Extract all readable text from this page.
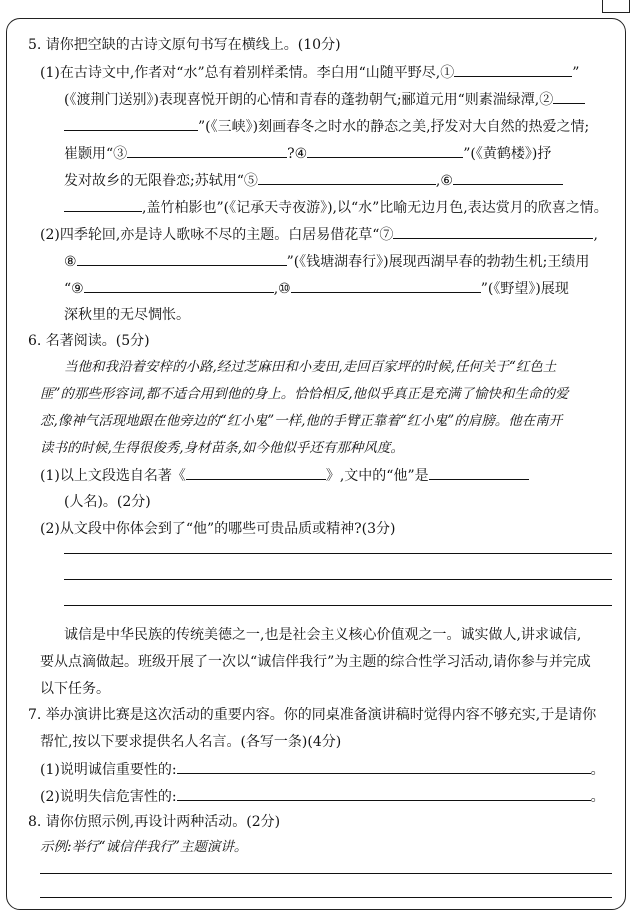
5. 请你把空缺的古诗文原句书写在横线上。(10分)
(1)在古诗文中,作者对“水”总有着别样柔情。李白用“山随平野尽,①	”
(《渡荆门送别》)表现喜悦开朗的心情和青春的蓬勃朝气;郦道元用“则素湍绿潭,②
”(《三峡》)刻画春冬之时水的静态之美,抒发对大自然的热爱之情;
崔颢用“③	?④	”(《黄鹤楼》)抒
发对故乡的无限眷恋;苏轼用“⑤	,⑥
,盖竹柏影也”(《记承天寺夜游》),以“水”比喻无边月色,表达赏月的欣喜之情。
(2)四季轮回,亦是诗人歌咏不尽的主题。白居易借花草“⑦	,
⑧	”(《钱塘湖春行》)展现西湖早春的勃勃生机;王绩用
“⑨	,⑩	”(《野望》)展现
深秋里的无尽惆怅。
6. 名著阅读。(5分)
当他和我沿着安梓的小路,经过芝麻田和小麦田,走回百家坪的时候,任何关于“红色土
匪”的那些形容词,都不适合用到他的身上。恰恰相反,他似乎真正是充满了愉快和生命的爱
恋,像神气活现地跟在他旁边的“红小鬼”一样,他的手臂正靠着“红小鬼”的肩膀。他在南开
读书的时候,生得很俊秀,身材苗条,如今他似乎还有那种风度。
(1)以上文段选自名著《	》,文中的“他”是
(人名)。(2分)
(2)从文段中你体会到了“他”的哪些可贵品质或精神?(3分)
诚信是中华民族的传统美德之一,也是社会主义核心价值观之一。诚实做人,讲求诚信,
要从点滴做起。班级开展了一次以“诚信伴我行”为主题的综合性学习活动,请你参与并完成
以下任务。
7. 举办演讲比赛是这次活动的重要内容。你的同桌准备演讲稿时觉得内容不够充实,于是请你
帮忙,按以下要求提供名人名言。(各写一条)(4分)
(1)说明诚信重要性的:	。
(2)说明失信危害性的:	。
8. 请你仿照示例,再设计两种活动。(2分)
示例:举行“诚信伴我行”主题演讲。
